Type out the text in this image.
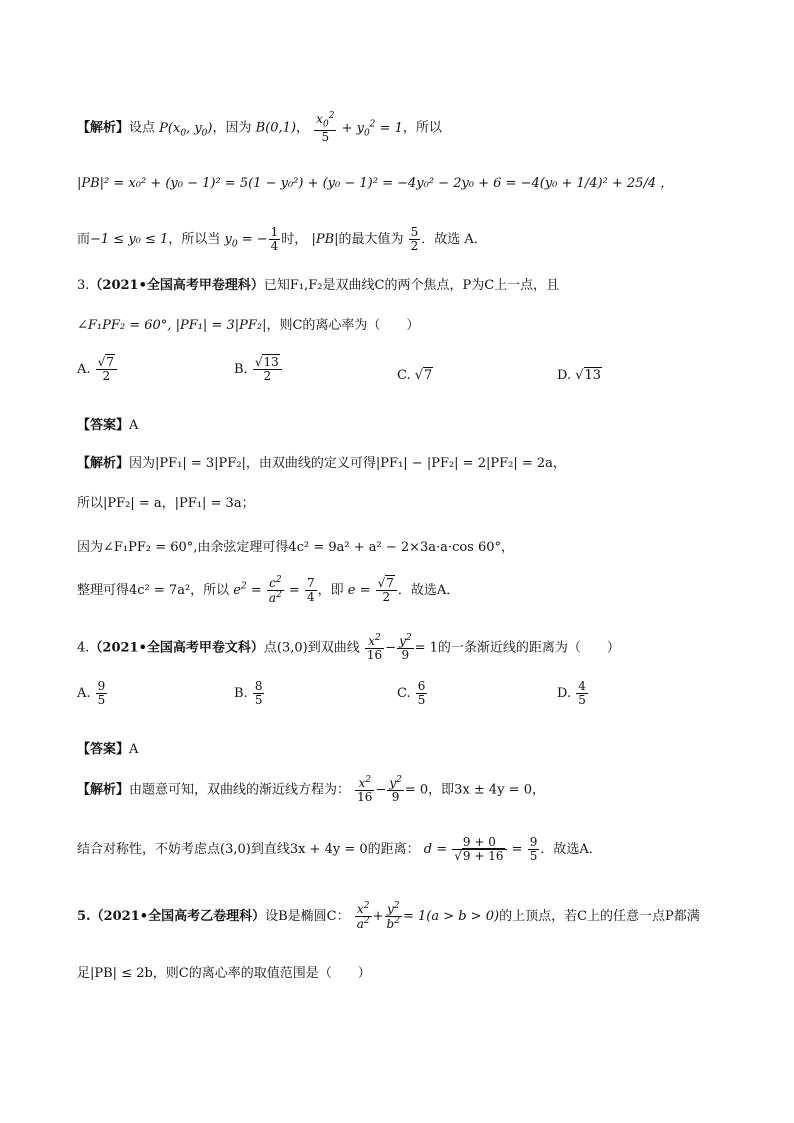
【解析】设点 $P(x_0$, $y_0$)，因为 B(0,1)， $\frac{x_0^2}{5} + y_0^2 = 1$，所以
|PB|² = x₀² + (y₀ − 1)² = 5(1 − y₀²) + (y₀ − 1)² = −4y₀² − 2y₀ + 6 = −4(y₀ + 1/4)² + 25/4 ，
而−1 ≤ y₀ ≤ 1，所以当 $y_0$ = − $\frac{1}{4}$ 时， |PB|的最大值为 $\frac{5}{2}$ ．故选 A．
3.（2021•全国高考甲卷理科）已知F₁,F₂是双曲线C的两个焦点，P为C上一点，且
∠F₁PF₂ = 60°, |PF₁| = 3|PF₂|，则C的离心率为（　　）
A. $\frac{√7}{2}$	B. $\frac{√13}{2}$	C. √7	D. √13
【答案】A
【解析】因为|PF₁| = 3|PF₂|，由双曲线的定义可得|PF₁| − |PF₂| = 2|PF₂| = 2a，
所以|PF₂| = a，|PF₁| = 3a；
因为∠F₁PF₂ = 60°,由余弦定理可得4c² = 9a² + a² − 2×3a·a·cos 60°，
整理可得4c² = 7a²，所以 $e^2 = \frac{c^2}{a^2} = \frac{7}{4}$ ，即 $e = \frac{√7}{2}$ ．故选A．
4.（2021•全国高考甲卷文科）点(3,0)到双曲线 $\frac{x^2}{16} - \frac{y^2}{9} = 1$的一条渐近线的距离为（　　）
A. $\frac{9}{5}$	B. $\frac{8}{5}$	C. $\frac{6}{5}$	D. $\frac{4}{5}$
【答案】A
【解析】由题意可知，双曲线的渐近线方程为： $\frac{x^2}{16} - \frac{y^2}{9} = 0$，即3x ± 4y = 0，
结合对称性，不妨考虑点(3,0)到直线3x + 4y = 0的距离： $d = \frac{9 + 0}{√9 + 16} = \frac{9}{5}$ ．故选A．
5.（2021•全国高考乙卷理科）设B是椭圆C： $\frac{x^2}{a^2} + \frac{y^2}{b^2} = 1(a > b > 0)$的上顶点，若C上的任意一点P都满
足|PB| ≤ 2b，则C的离心率的取值范围是（　　）
